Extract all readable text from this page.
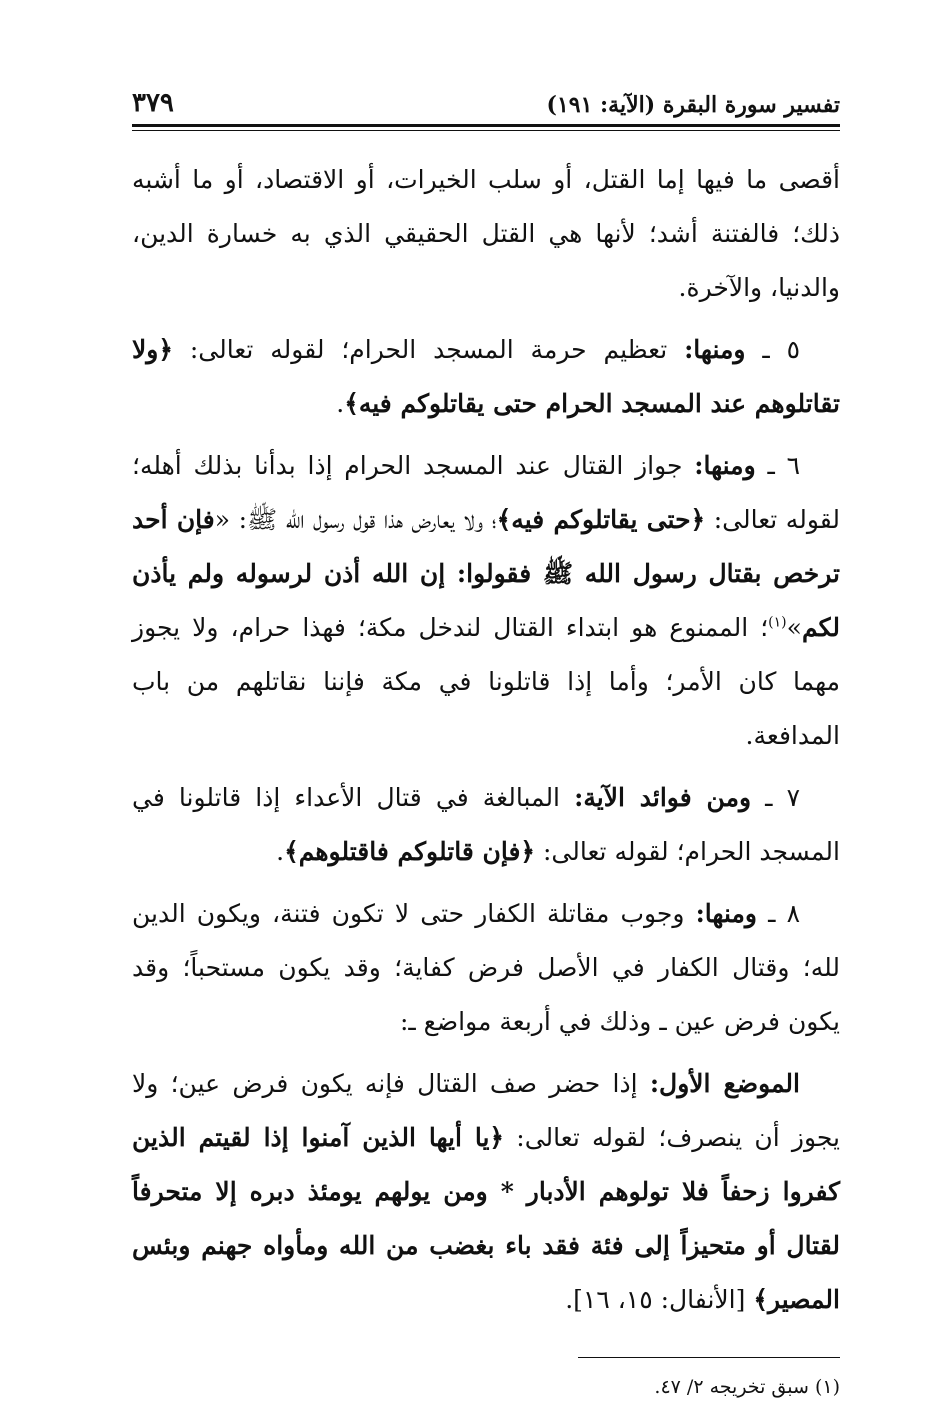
تفسير سورة البقرة (الآية: ١٩١)
٣٧٩

أقصى ما فيها إما القتل، أو سلب الخيرات، أو الاقتصاد، أو ما أشبه ذلك؛ فالفتنة أشد؛ لأنها هي القتل الحقيقي الذي به خسارة الدين، والدنيا، والآخرة.

٥ ـ ومنها: تعظيم حرمة المسجد الحرام؛ لقوله تعالى: ﴿ولا تقاتلوهم عند المسجد الحرام حتى يقاتلوكم فيه﴾.

٦ ـ ومنها: جواز القتال عند المسجد الحرام إذا بدأنا بذلك أهله؛ لقوله تعالى: ﴿حتى يقاتلوكم فيه﴾؛ ولا يعارض هذا قول رسول الله ﷺ: «فإن أحد ترخص بقتال رسول الله ﷺ فقولوا: إن الله أذن لرسوله ولم يأذن لكم»$^{(١)}$؛ الممنوع هو ابتداء القتال لندخل مكة؛ فهذا حرام، ولا يجوز مهما كان الأمر؛ وأما إذا قاتلونا في مكة فإننا نقاتلهم من باب المدافعة.

٧ ـ ومن فوائد الآية: المبالغة في قتال الأعداء إذا قاتلونا في المسجد الحرام؛ لقوله تعالى: ﴿فإن قاتلوكم فاقتلوهم﴾.

٨ ـ ومنها: وجوب مقاتلة الكفار حتى لا تكون فتنة، ويكون الدين لله؛ وقتال الكفار في الأصل فرض كفاية؛ وقد يكون مستحباً؛ وقد يكون فرض عين ـ وذلك في أربعة مواضع ـ:

الموضع الأول: إذا حضر صف القتال فإنه يكون فرض عين؛ ولا يجوز أن ينصرف؛ لقوله تعالى: ﴿يا أيها الذين آمنوا إذا لقيتم الذين كفروا زحفاً فلا تولوهم الأدبار * ومن يولهم يومئذ دبره إلا متحرفاً لقتال أو متحيزاً إلى فئة فقد باء بغضب من الله ومأواه جهنم وبئس المصير﴾ [الأنفال: ١٥، ١٦].

(١) سبق تخريجه ٢/ ٤٧.
